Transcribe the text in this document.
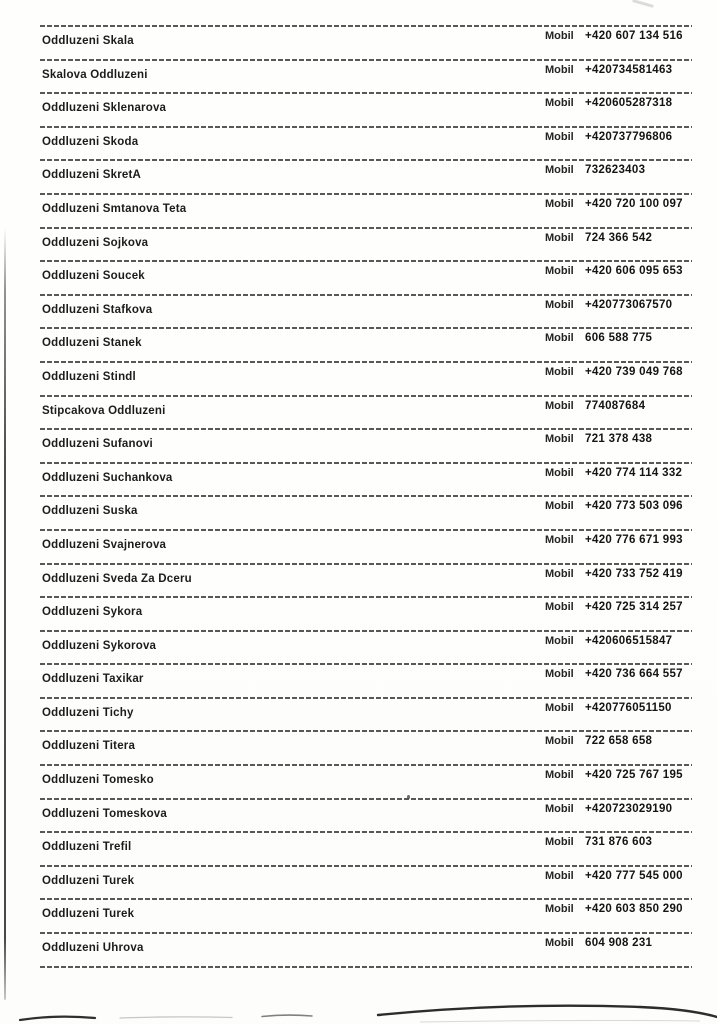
Oddluzeni Skala	Mobil +420 607 134 516
Skalova Oddluzeni	Mobil +420734581463
Oddluzeni Sklenarova	Mobil +420605287318
Oddluzeni Skoda	Mobil +420737796806
Oddluzeni SkretA	Mobil 732623403
Oddluzeni Smtanova Teta	Mobil +420 720 100 097
Oddluzeni Sojkova	Mobil 724 366 542
Oddluzeni Soucek	Mobil +420 606 095 653
Oddluzeni Stafkova	Mobil +420773067570
Oddluzeni Stanek	Mobil 606 588 775
Oddluzeni Stindl	Mobil +420 739 049 768
Stipcakova Oddluzeni	Mobil 774087684
Oddluzeni Sufanovi	Mobil 721 378 438
Oddluzeni Suchankova	Mobil +420 774 114 332
Oddluzeni Suska	Mobil +420 773 503 096
Oddluzeni Svajnerova	Mobil +420 776 671 993
Oddluzeni Sveda Za Dceru	Mobil +420 733 752 419
Oddluzeni Sykora	Mobil +420 725 314 257
Oddluzeni Sykorova	Mobil +420606515847
Oddluzeni Taxikar	Mobil +420 736 664 557
Oddluzeni Tichy	Mobil +420776051150
Oddluzeni Titera	Mobil 722 658 658
Oddluzeni Tomesko	Mobil +420 725 767 195
Oddluzeni Tomeskova	Mobil +420723029190
Oddluzeni Trefil	Mobil 731 876 603
Oddluzeni Turek	Mobil +420 777 545 000
Oddluzeni Turek	Mobil +420 603 850 290
Oddluzeni Uhrova	Mobil 604 908 231
